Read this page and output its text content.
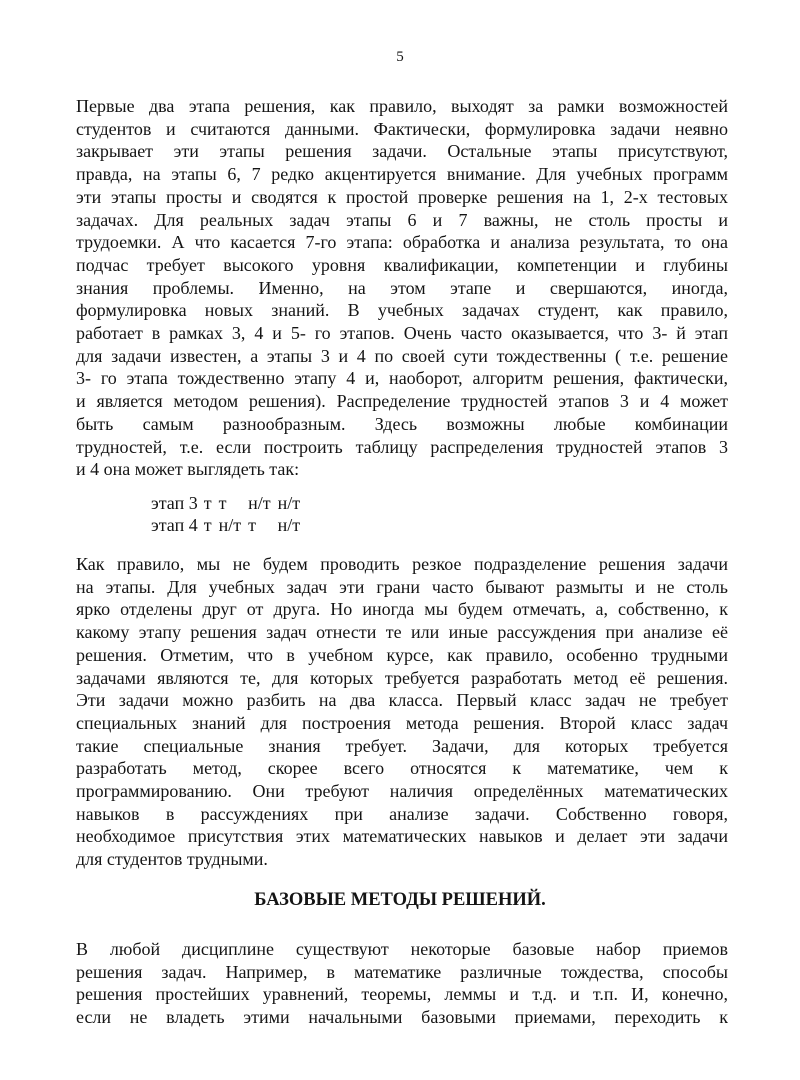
5

Первые два этапа решения, как правило, выходят за рамки возможностей
студентов и считаются данными. Фактически, формулировка задачи неявно
закрывает эти этапы решения задачи. Остальные этапы присутствуют,
правда, на этапы 6, 7 редко акцентируется внимание. Для учебных программ
эти этапы просты и сводятся к простой проверке решения на 1, 2-х тестовых
задачах. Для реальных задач этапы 6 и 7 важны, не столь просты и
трудоемки. А что касается 7-го этапа: обработка и анализа результата, то она
подчас требует высокого уровня квалификации, компетенции и глубины
знания проблемы. Именно, на этом этапе и свершаются, иногда,
формулировка новых знаний. В учебных задачах студент, как правило,
работает в рамках 3, 4 и 5- го этапов. Очень часто оказывается, что 3- й этап
для задачи известен, а этапы 3 и 4 по своей сути тождественны ( т.е. решение
3- го этапа тождественно этапу 4 и, наоборот, алгоритм решения, фактически,
и является методом решения). Распределение трудностей этапов 3 и 4 может
быть самым разнообразным. Здесь возможны любые комбинации
трудностей, т.е. если построить таблицу распределения трудностей этапов 3
и 4 она может выглядеть так:

этап 3	т	т	н/т	н/т
этап 4	т	н/т	т	н/т

Как правило, мы не будем проводить резкое подразделение решения задачи
на этапы. Для учебных задач эти грани часто бывают размыты и не столь
ярко отделены друг от друга. Но иногда мы будем отмечать, а, собственно, к
какому этапу решения задач отнести те или иные рассуждения при анализе её
решения. Отметим, что в учебном курсе, как правило, особенно трудными
задачами являются те, для которых требуется разработать метод её решения.
Эти задачи можно разбить на два класса. Первый класс задач не требует
специальных знаний для построения метода решения. Второй класс задач
такие специальные знания требует. Задачи, для которых требуется
разработать метод, скорее всего относятся к математике, чем к
программированию. Они требуют наличия определённых математических
навыков в рассуждениях при анализе задачи. Собственно говоря,
необходимое присутствия этих математических навыков и делает эти задачи
для студентов трудными.

БАЗОВЫЕ МЕТОДЫ РЕШЕНИЙ.

В любой дисциплине существуют некоторые базовые набор приемов
решения задач. Например, в математике различные тождества, способы
решения простейших уравнений, теоремы, леммы и т.д. и т.п. И, конечно,
если не владеть этими начальными базовыми приемами, переходить к
